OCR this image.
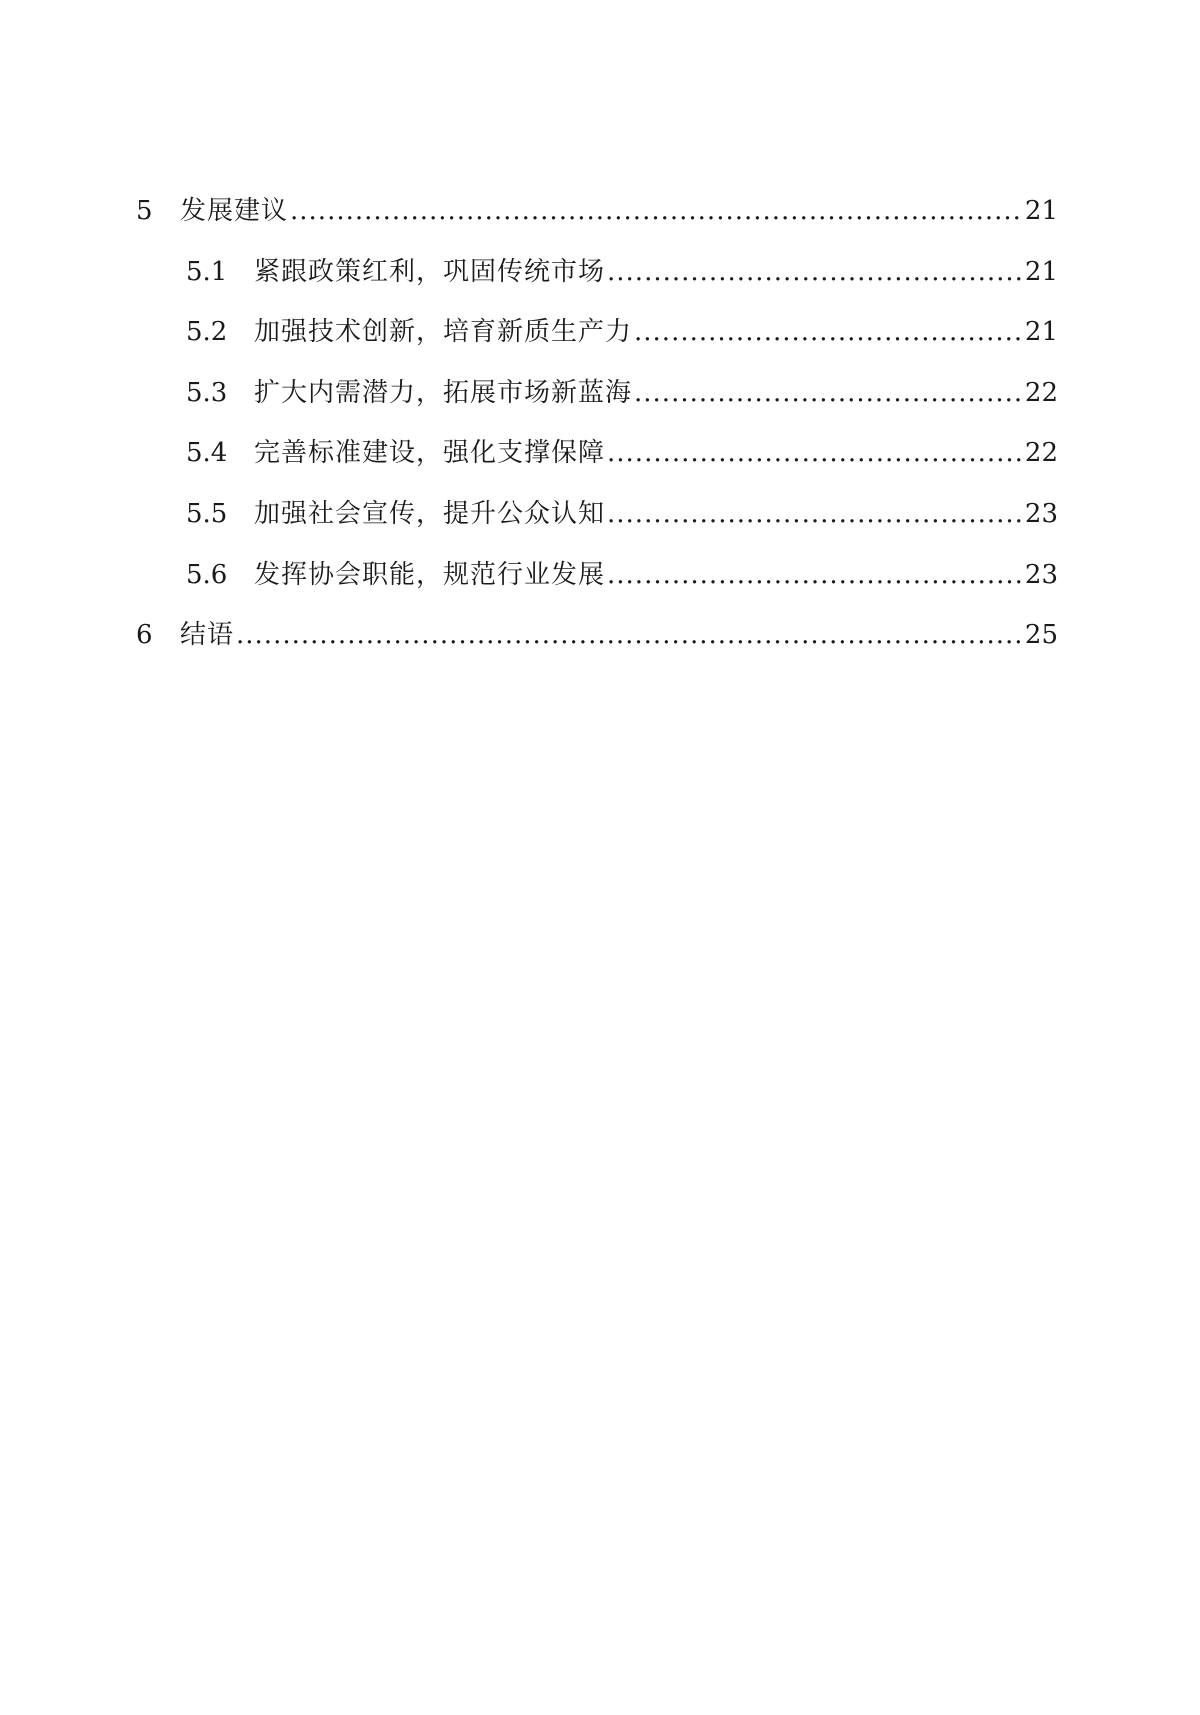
5	发展建议 .....	21
5.1	紧跟政策红利，巩固传统市场 .....	21
5.2	加强技术创新，培育新质生产力 .....	21
5.3	扩大内需潜力，拓展市场新蓝海 .....	22
5.4	完善标准建设，强化支撑保障 .....	22
5.5	加强社会宣传，提升公众认知 .....	23
5.6	发挥协会职能，规范行业发展 .....	23
6	结语 .....	25
